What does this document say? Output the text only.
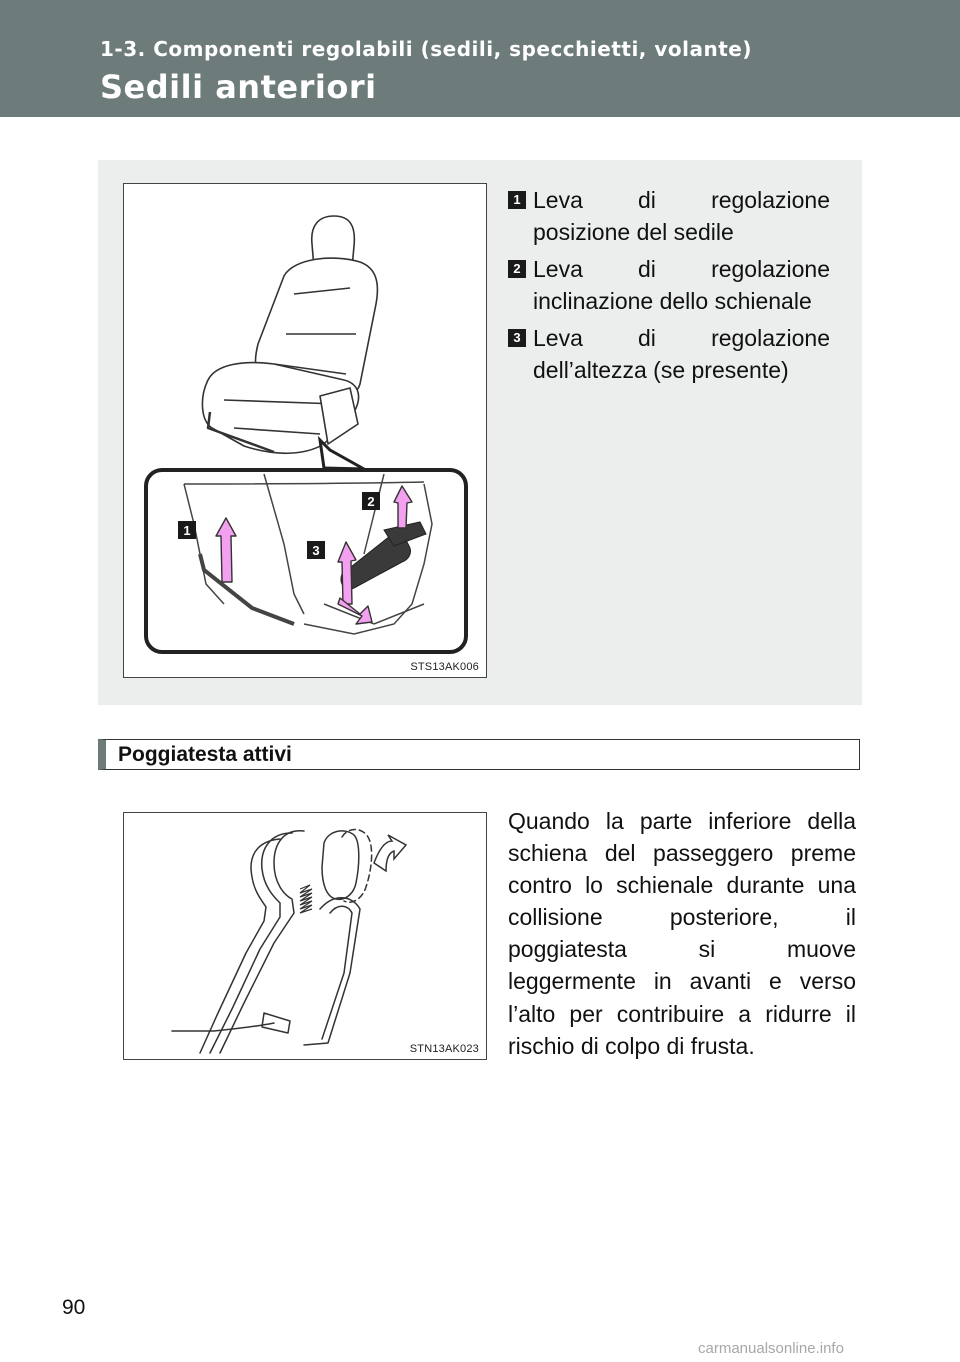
1-3. Componenti regolabili (sedili, specchietti, volante)
Sedili anteriori
1
2
3
STS13AK006
1 Leva di regolazione
posizione del sedile
2 Leva di regolazione
inclinazione dello schienale
3 Leva di regolazione
dell’altezza (se presente)
Poggiatesta attivi
STN13AK023
Quando la parte inferiore della schiena del passeggero preme contro lo schienale durante una collisione posteriore, il poggiatesta si muove leggermente in avanti e verso l’alto per contribuire a ridurre il rischio di colpo di frusta.
90
carmanualsonline.info
